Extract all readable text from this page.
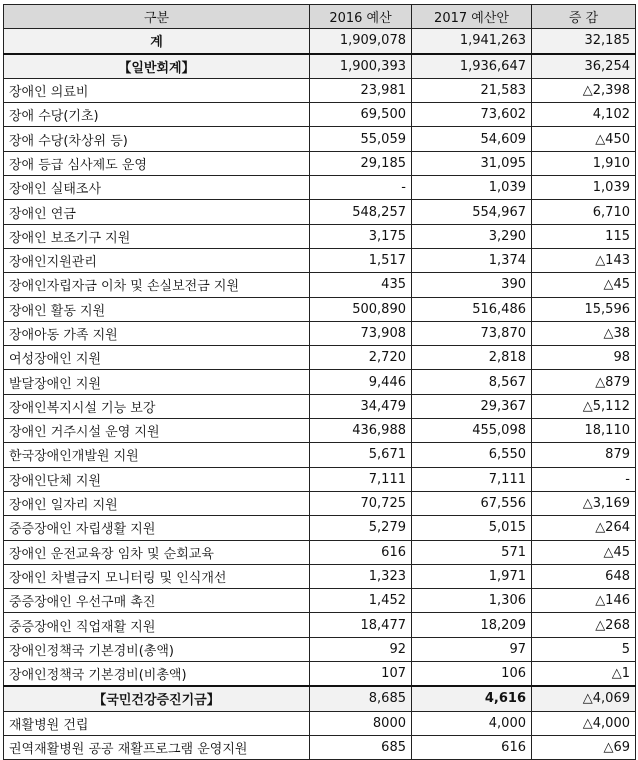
구분	2016 예산	2017 예산안	증 감
계	1,909,078	1,941,263	32,185
【일반회계】	1,900,393	1,936,647	36,254
장애인 의료비	23,981	21,583	△2,398
장애 수당(기초)	69,500	73,602	4,102
장애 수당(차상위 등)	55,059	54,609	△450
장애 등급 심사제도 운영	29,185	31,095	1,910
장애인 실태조사	-	1,039	1,039
장애인 연금	548,257	554,967	6,710
장애인 보조기구 지원	3,175	3,290	115
장애인지원관리	1,517	1,374	△143
장애인자립자금 이차 및 손실보전금 지원	435	390	△45
장애인 활동 지원	500,890	516,486	15,596
장애아동 가족 지원	73,908	73,870	△38
여성장애인 지원	2,720	2,818	98
발달장애인 지원	9,446	8,567	△879
장애인복지시설 기능 보강	34,479	29,367	△5,112
장애인 거주시설 운영 지원	436,988	455,098	18,110
한국장애인개발원 지원	5,671	6,550	879
장애인단체 지원	7,111	7,111	-
장애인 일자리 지원	70,725	67,556	△3,169
중증장애인 자립생활 지원	5,279	5,015	△264
장애인 운전교육장 임차 및 순회교육	616	571	△45
장애인 차별금지 모니터링 및 인식개선	1,323	1,971	648
중증장애인 우선구매 촉진	1,452	1,306	△146
중증장애인 직업재활 지원	18,477	18,209	△268
장애인정책국 기본경비(총액)	92	97	5
장애인정책국 기본경비(비총액)	107	106	△1
【국민건강증진기금】	8,685	4,616	△4,069
재활병원 건립	8000	4,000	△4,000
권역재활병원 공공 재활프로그램 운영지원	685	616	△69
